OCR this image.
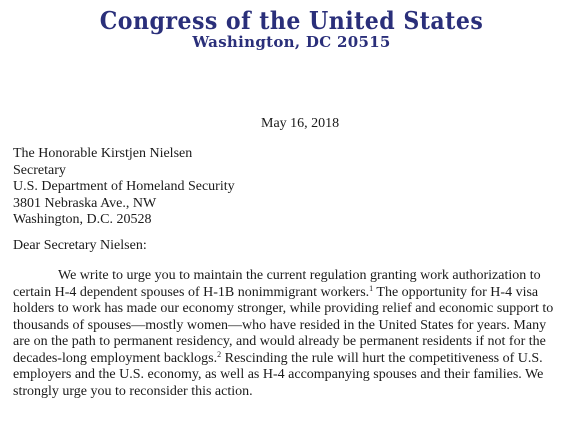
Congress of the United States
Washington, DC 20515
May 16, 2018
The Honorable Kirstjen Nielsen
Secretary
U.S. Department of Homeland Security
3801 Nebraska Ave., NW
Washington, D.C. 20528
Dear Secretary Nielsen:
We write to urge you to maintain the current regulation granting work authorization to
certain H-4 dependent spouses of H-1B nonimmigrant workers.$^1$ The opportunity for H-4 visa
holders to work has made our economy stronger, while providing relief and economic support to
thousands of spouses—mostly women—who have resided in the United States for years. Many
are on the path to permanent residency, and would already be permanent residents if not for the
decades-long employment backlogs.$^2$ Rescinding the rule will hurt the competitiveness of U.S.
employers and the U.S. economy, as well as H-4 accompanying spouses and their families. We
strongly urge you to reconsider this action.
